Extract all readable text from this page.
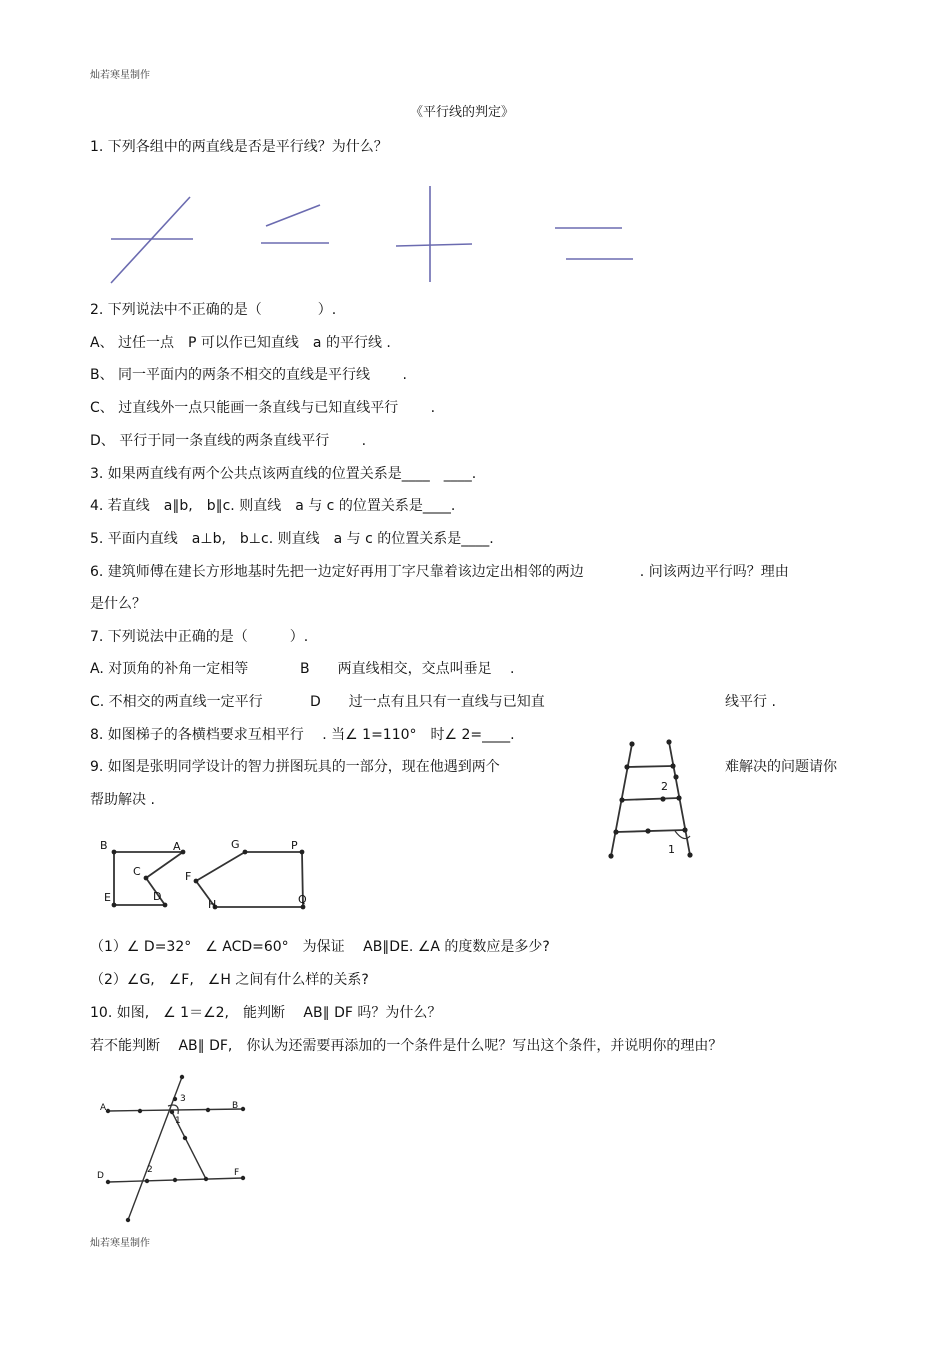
灿若寒星制作
灿若寒星制作
《平行线的判定》
1. 下列各组中的两直线是否是平行线？为什么？
2. 下列说法中不正确的是（　　　　）.
A、 过任一点　P 可以作已知直线　a 的平行线 .
B、 同一平面内的两条不相交的直线是平行线　　 .
C、 过直线外一点只能画一条直线与已知直线平行　　 .
D、 平行于同一条直线的两条直线平行　　 .
3. 如果两直线有两个公共点该两直线的位置关系是____　____.
4. 若直线　a∥b,　b∥c. 则直线　a 与 c 的位置关系是____.
5. 平面内直线　a⊥b,　b⊥c. 则直线　a 与 c 的位置关系是____.
6. 建筑师傅在建长方形地基时先把一边定好再用丁字尺靠着该边定出相邻的两边　　　　. 问该两边平行吗？理由
是什么？
7. 下列说法中正确的是（　　　）.
A. 对顶角的补角一定相等	B　　两直线相交，交点叫垂足　 .
C. 不相交的两直线一定平行	D　　过一点有且只有一直线与已知直	线平行 .
8. 如图梯子的各横档要求互相平行　 . 当∠ 1=110°　时∠ 2=____.
9. 如图是张明同学设计的智力拼图玩具的一部分，现在他遇到两个	难解决的问题请你
帮助解决 .
2
1
B	A
C
E	D
G	P
F
H	Q
（1）∠ D=32°　∠ ACD=60°　为保证　 AB∥DE. ∠A 的度数应是多少?
（2）∠G,　∠F,　∠H 之间有什么样的关系?
10. 如图,　∠ 1＝∠2,　能判断　 AB∥ DF 吗？为什么？
若不能判断　 AB∥ DF,　你认为还需要再添加的一个条件是什么呢？写出这个条件，并说明你的理由？
A	B
D	F
3
1
2
